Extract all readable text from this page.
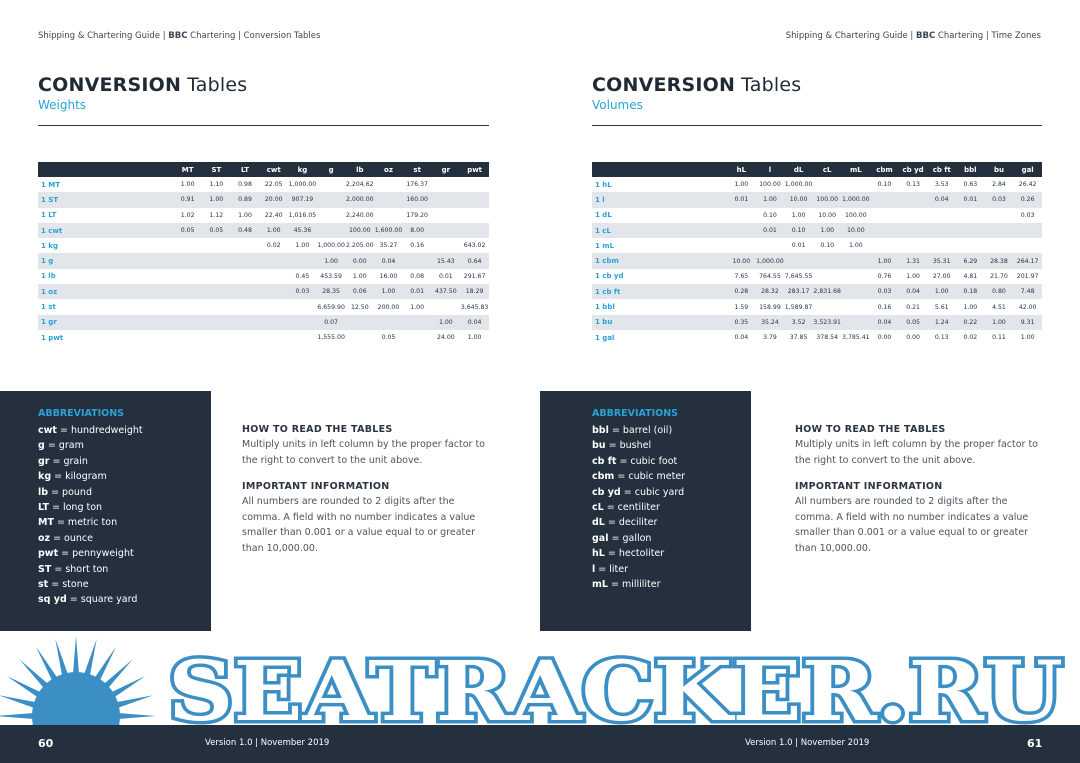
Shipping & Chartering Guide | BBC Chartering | Conversion Tables
CONVERSION Tables
Weights
	MT	ST	LT	cwt	kg	g	lb	oz	st	gr	pwt
1 MT	1.00	1.10	0.98	22.05	1,000.00		2,204.62		176.37		
1 ST	0.91	1.00	0.89	20.00	907.19		2,000.00		160.00		
1 LT	1.02	1.12	1.00	22.40	1,016.05		2,240.00		179.20		
1 cwt	0.05	0.05	0.48	1.00	45.36		100.00	1,600.00	8.00		
1 kg				0.02	1.00	1,000.00	2.205.00	35.27	0.16		643.02
1 g						1.00	0.00	0.04		15.43	0.64
1 lb					0.45	453.59	1.00	16.00	0.08	0.01	291.67
1 oz					0.03	28.35	0.06	1.00	0.01	437.50	18.29
1 st						6,659.90	12.50	200.00	1.00		3,645.83
1 gr						0.07				1.00	0.04
1 pwt						1,555.00		0.05		24.00	1.00
ABBREVIATIONS
cwt = hundredweight
g = gram
gr = grain
kg = kilogram
lb = pound
LT = long ton
MT = metric ton
oz = ounce
pwt = pennyweight
ST = short ton
st = stone
sq yd = square yard
HOW TO READ THE TABLES

Multiply units in left column by the proper factor to the right to convert to the unit above.

IMPORTANT INFORMATION

All numbers are rounded to 2 digits after the comma. A field with no number indicates a value smaller than 0.001 or a value equal to or greater than 10,000.00.

Shipping & Chartering Guide | BBC Chartering | Time Zones
CONVERSION Tables
Volumes
	hL	l	dL	cL	mL	cbm	cb yd	cb ft	bbl	bu	gal
1 hL	1.00	100.00	1,000.00			0.10	0.13	3.53	0.63	2.84	26.42
1 l	0.01	1.00	10.00	100.00	1,000.00			0.04	0.01	0.03	0.26
1 dL		0.10	1.00	10.00	100.00						0.03
1 cL		0.01	0.10	1.00	10.00						
1 mL			0.01	0.10	1.00						
1 cbm	10.00	1,000.00				1.00	1.31	35.31	6.29	28.38	264.17
1 cb yd	7.65	764.55	7,645.55			0.76	1.00	27.00	4.81	21.70	201.97
1 cb ft	0.28	28.32	283.17	2,831.68		0.03	0.04	1.00	0.18	0.80	7.48
1 bbl	1.59	158.99	1,589.87			0.16	0.21	5.61	1.00	4.51	42.00
1 bu	0.35	35.24	3.52	3,523.91		0.04	0.05	1.24	0.22	1.00	9.31
1 gal	0.04	3.79	37.85	378.54	3,785.41	0.00	0.00	0.13	0.02	0.11	1.00
ABBREVIATIONS
bbl = barrel (oil)
bu = bushel
cb ft = cubic foot
cbm = cubic meter
cb yd = cubic yard
cL = centiliter
dL = deciliter
gal = gallon
hL = hectoliter
l = liter
mL = milliliter
HOW TO READ THE TABLES

Multiply units in left column by the proper factor to the right to convert to the unit above.

IMPORTANT INFORMATION

All numbers are rounded to 2 digits after the comma. A field with no number indicates a value smaller than 0.001 or a value equal to or greater than 10,000.00.

SEATRACKER.RU
60	Version 1.0 | November 2019	Version 1.0 | November 2019	61
